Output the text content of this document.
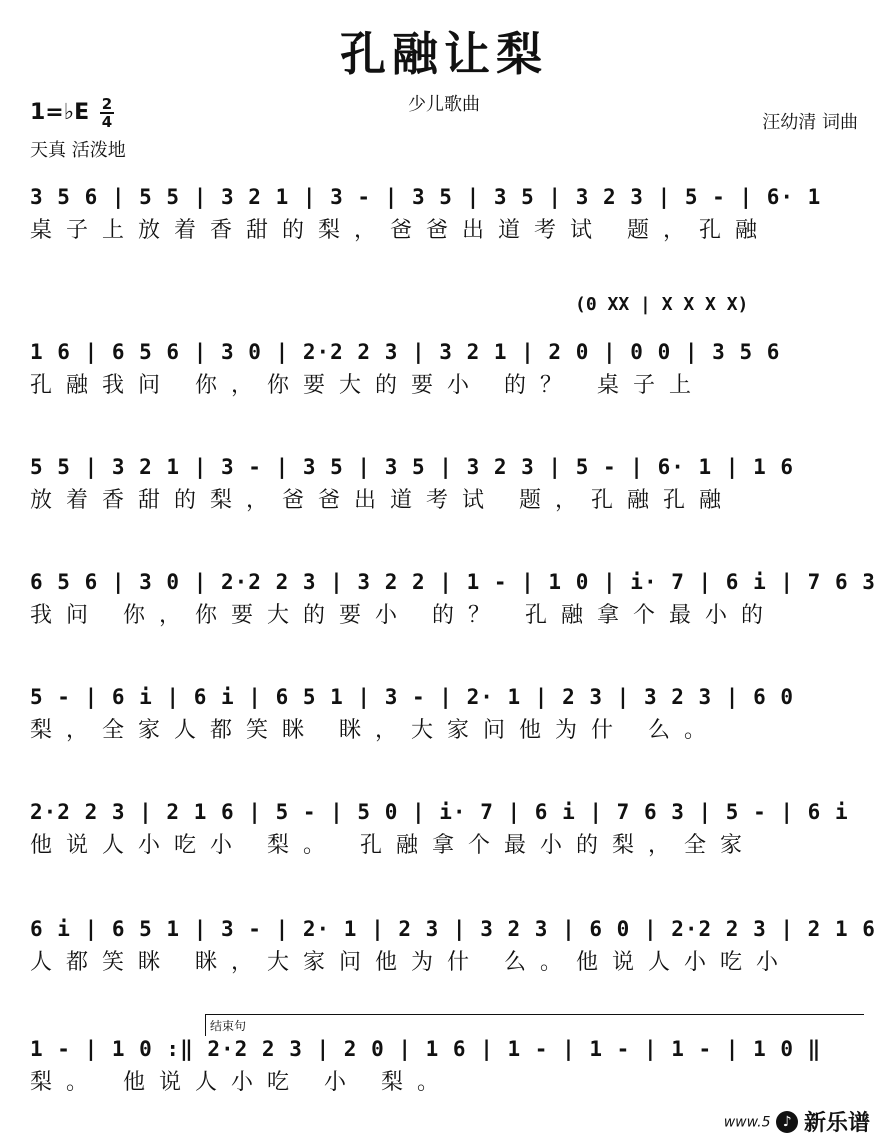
孔融让梨
少儿歌曲
1=♭E 2
4
天真 活泼地
汪幼清 词曲
3 5 6 | 5 5 | 3 2 1 | 3 - | 3 5 | 3 5 | 3 2 3 | 5 - | 6· 1
桌子上放着香甜的梨，爸爸出道考试 题，孔融
(0 XX | X X X X)
1 6 | 6 5 6 | 3 0 | 2·2 2 3 | 3 2 1 | 2 0 | 0 0 | 3 5 6
孔融我问 你，你要大的要小 的？ 桌子上
5 5 | 3 2 1 | 3 - | 3 5 | 3 5 | 3 2 3 | 5 - | 6· 1 | 1 6
放着香甜的梨，爸爸出道考试 题，孔融孔融
6 5 6 | 3 0 | 2·2 2 3 | 3 2 2 | 1 - | 1 0 | i· 7 | 6 i | 7 6 3
我问 你，你要大的要小 的？ 孔融拿个最小的
5 - | 6 i | 6 i | 6 5 1 | 3 - | 2· 1 | 2 3 | 3 2 3 | 6 0
梨，全家人都笑眯 眯，大家问他为什 么。
2·2 2 3 | 2 1 6 | 5 - | 5 0 | i· 7 | 6 i | 7 6 3 | 5 - | 6 i
他说人小吃小 梨。 孔融拿个最小的梨，全家
6 i | 6 5 1 | 3 - | 2· 1 | 2 3 | 3 2 3 | 6 0 | 2·2 2 3 | 2 1 6
人都笑眯 眯，大家问他为什 么。他说人小吃小
结束句
1 - | 1 0 :‖ 2·2 2 3 | 2 0 | 1 6 | 1 - | 1 - | 1 - | 1 0 ‖
梨。 他说人小吃 小 梨。
www.5 ♪ 新乐谱
